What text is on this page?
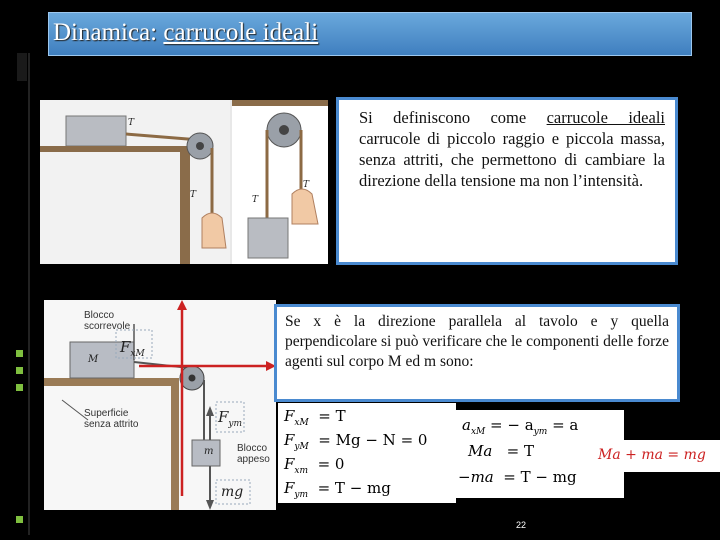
Dinamica: carrucole ideali
T
T	T
T
Si definiscono come carrucole ideali carrucole di piccolo raggio e piccola massa, senza attriti, che permettono di cambiare la direzione della tensione ma non l’intensità.
Blocco scorrevole
M
Superficie senza attrito
Blocco appeso
m
$F_{xM}$
$F_{ym}$
mg
Se x è la direzione parallela al tavolo e y quella perpendicolare si può verificare che le componenti delle forze agenti sul corpo M ed m sono:
$F_{xM} = T$
$F_{yM} = Mg - N = 0$
$F_{xm} = 0$
$F_{ym} = T$ − mg
$a_{xM}$ = − $a_{ym} = a$
Ma = T
−ma = T − mg
Ma + ma = mg
22
